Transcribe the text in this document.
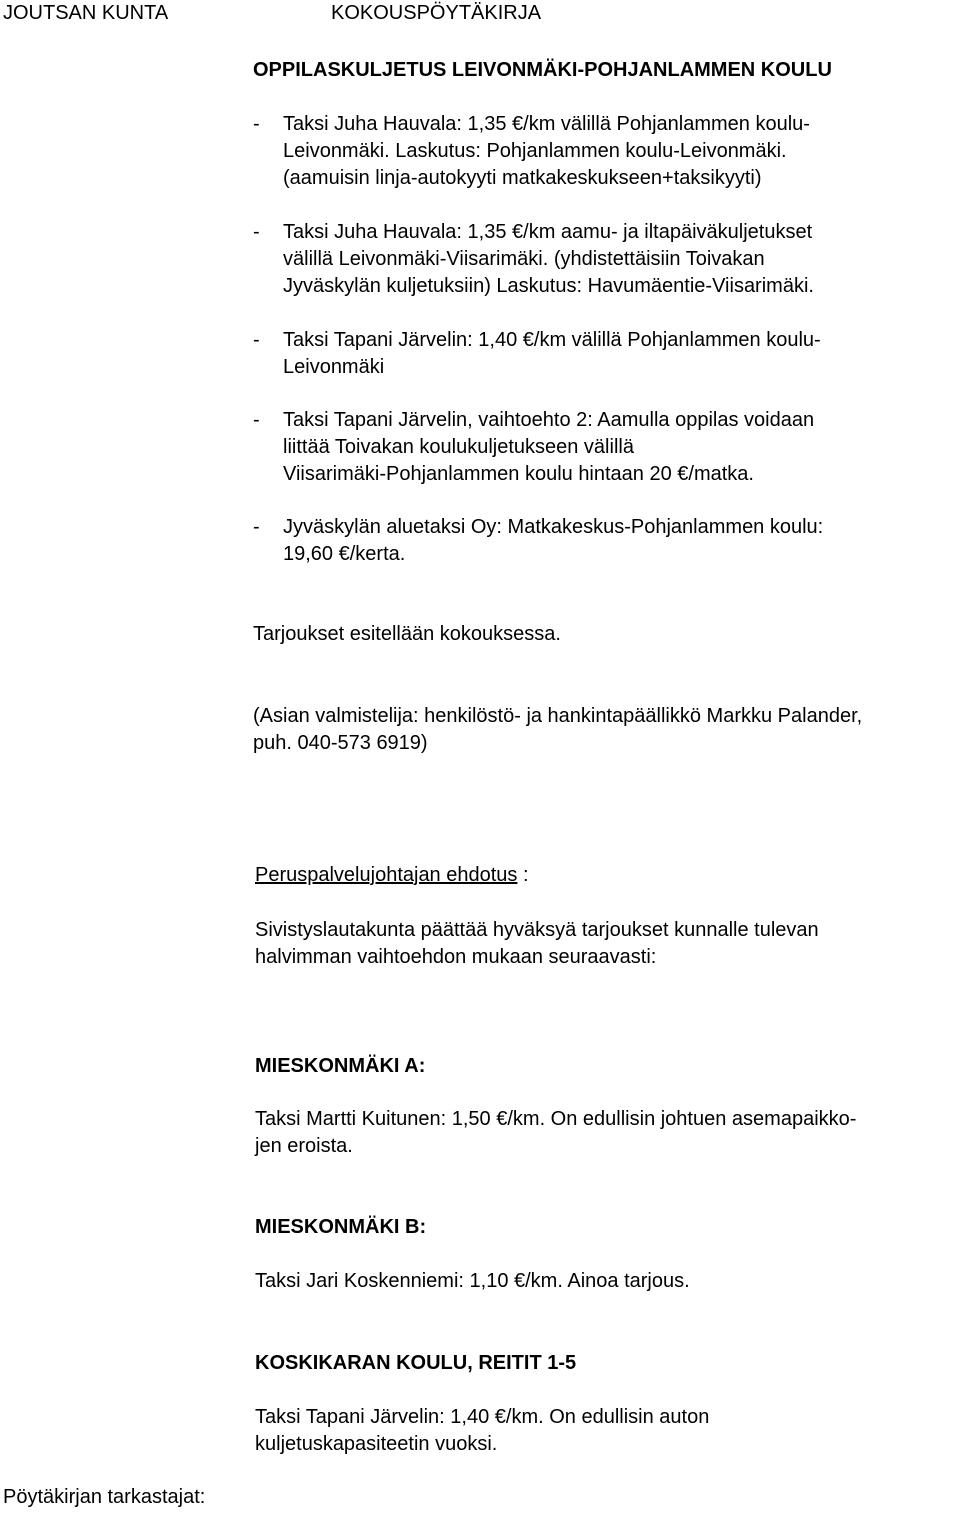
JOUTSAN KUNTA	KOKOUSPÖYTÄKIRJA
OPPILASKULJETUS LEIVONMÄKI-POHJANLAMMEN KOULU
- Taksi Juha Hauvala: 1,35 €/km välillä Pohjanlammen koulu-
Leivonmäki. Laskutus: Pohjanlammen koulu-Leivonmäki.
(aamuisin linja-autokyyti matkakeskukseen+taksikyyti)
- Taksi Juha Hauvala: 1,35 €/km aamu- ja iltapäiväkuljetukset
välillä Leivonmäki-Viisarimäki. (yhdistettäisiin Toivakan
Jyväskylän kuljetuksiin) Laskutus: Havumäentie-Viisarimäki.
- Taksi Tapani Järvelin: 1,40 €/km välillä Pohjanlammen koulu-
Leivonmäki
- Taksi Tapani Järvelin, vaihtoehto 2: Aamulla oppilas voidaan
liittää Toivakan koulukuljetukseen välillä
Viisarimäki-Pohjanlammen koulu hintaan 20 €/matka.
- Jyväskylän aluetaksi Oy: Matkakeskus-Pohjanlammen koulu:
19,60 €/kerta.
Tarjoukset esitellään kokouksessa.
(Asian valmistelija: henkilöstö- ja hankintapäällikkö Markku Palander,
puh. 040-573 6919)
Peruspalvelujohtajan ehdotus :
Sivistyslautakunta päättää hyväksyä tarjoukset kunnalle tulevan
halvimman vaihtoehdon mukaan seuraavasti:
MIESKONMÄKI A:
Taksi Martti Kuitunen: 1,50 €/km. On edullisin johtuen asemapaikko-
jen eroista.
MIESKONMÄKI B:
Taksi Jari Koskenniemi: 1,10 €/km. Ainoa tarjous.
KOSKIKARAN KOULU, REITIT 1-5
Taksi Tapani Järvelin: 1,40 €/km. On edullisin auton
kuljetuskapasiteetin vuoksi.
Pöytäkirjan tarkastajat:
